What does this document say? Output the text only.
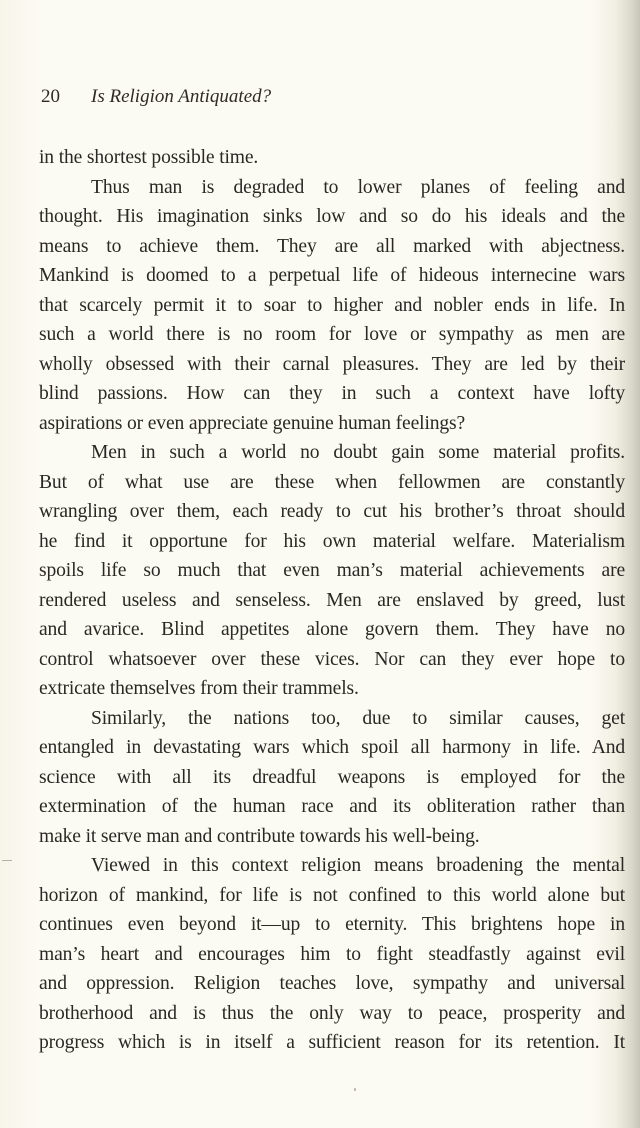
20 Is Religion Antiquated?
in the shortest possible time.
Thus man is degraded to lower planes of feeling and
thought. His imagination sinks low and so do his ideals and the
means to achieve them. They are all marked with abjectness.
Mankind is doomed to a perpetual life of hideous internecine wars
that scarcely permit it to soar to higher and nobler ends in life. In
such a world there is no room for love or sympathy as men are
wholly obsessed with their carnal pleasures. They are led by their
blind passions. How can they in such a context have lofty
aspirations or even appreciate genuine human feelings?
Men in such a world no doubt gain some material profits.
But of what use are these when fellowmen are constantly
wrangling over them, each ready to cut his brother’s throat should
he find it opportune for his own material welfare. Materialism
spoils life so much that even man’s material achievements are
rendered useless and senseless. Men are enslaved by greed, lust
and avarice. Blind appetites alone govern them. They have no
control whatsoever over these vices. Nor can they ever hope to
extricate themselves from their trammels.
Similarly, the nations too, due to similar causes, get
entangled in devastating wars which spoil all harmony in life. And
science with all its dreadful weapons is employed for the
extermination of the human race and its obliteration rather than
make it serve man and contribute towards his well-being.
Viewed in this context religion means broadening the mental
horizon of mankind, for life is not confined to this world alone but
continues even beyond it—up to eternity. This brightens hope in
man’s heart and encourages him to fight steadfastly against evil
and oppression. Religion teaches love, sympathy and universal
brotherhood and is thus the only way to peace, prosperity and
progress which is in itself a sufficient reason for its retention. It
